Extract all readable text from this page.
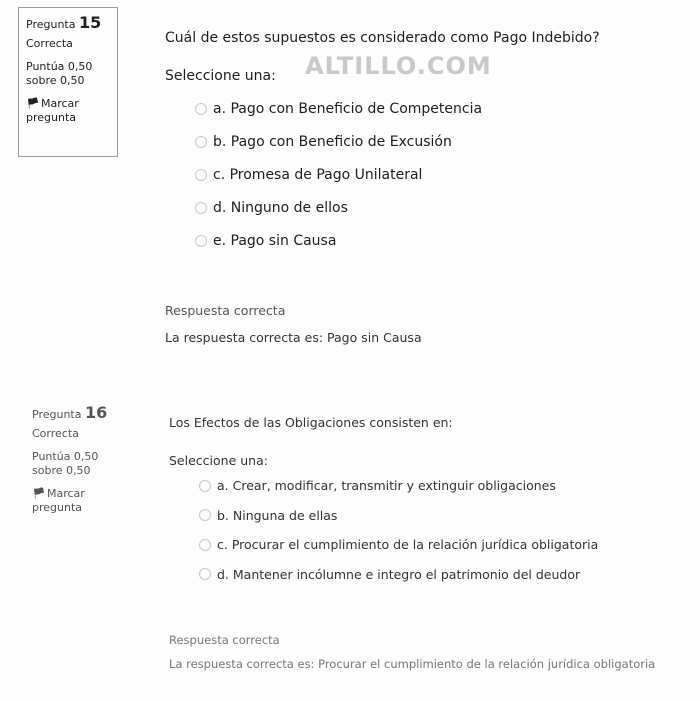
Pregunta 15
Correcta
Puntúa 0,50
sobre 0,50
🏴︎ Marcar
pregunta
Cuál de estos supuestos es considerado como Pago Indebido?
Seleccione una:
a. Pago con Beneficio de Competencia
b. Pago con Beneficio de Excusión
c. Promesa de Pago Unilateral
d. Ninguno de ellos
e. Pago sin Causa
Respuesta correcta
La respuesta correcta es: Pago sin Causa
ALTILLO.COM
Pregunta 16
Correcta
Puntúa 0,50
sobre 0,50
🏴︎ Marcar
pregunta
Los Efectos de las Obligaciones consisten en:
Seleccione una:
a. Crear, modificar, transmitir y extinguir obligaciones
b. Ninguna de ellas
c. Procurar el cumplimiento de la relación jurídica obligatoria
d. Mantener incólumne e integro el patrimonio del deudor
Respuesta correcta
La respuesta correcta es: Procurar el cumplimiento de la relación jurídica obligatoria
